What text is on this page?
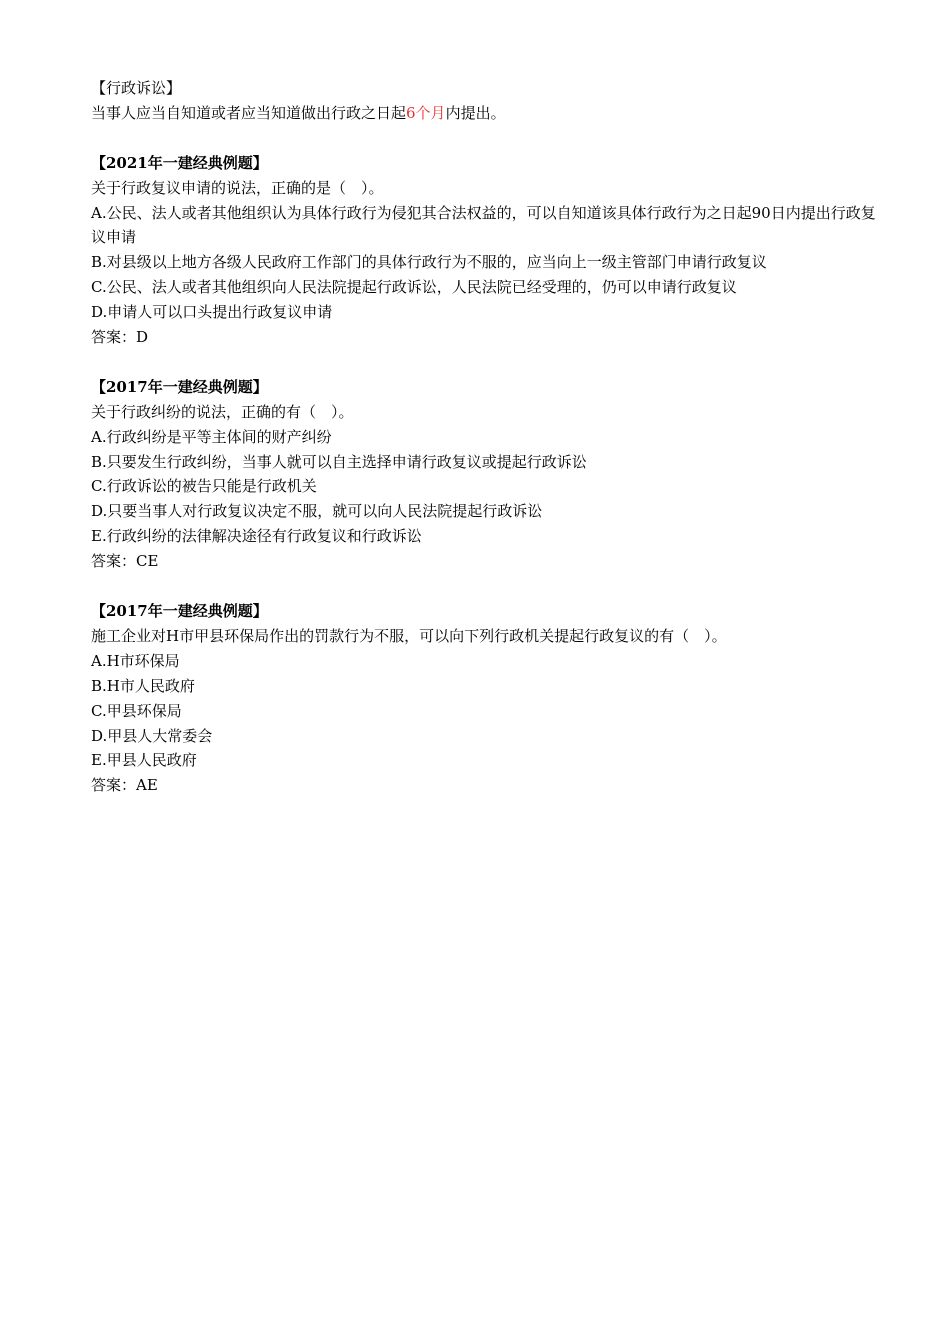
【行政诉讼】
当事人应当自知道或者应当知道做出行政之日起6个月内提出。
【2021年一建经典例题】
关于行政复议申请的说法，正确的是（　）。
A.公民、法人或者其他组织认为具体行政行为侵犯其合法权益的，可以自知道该具体行政行为之日起90日内提出行政复议申请
B.对县级以上地方各级人民政府工作部门的具体行政行为不服的，应当向上一级主管部门申请行政复议
C.公民、法人或者其他组织向人民法院提起行政诉讼，人民法院已经受理的，仍可以申请行政复议
D.申请人可以口头提出行政复议申请
答案：D
【2017年一建经典例题】
关于行政纠纷的说法，正确的有（　）。
A.行政纠纷是平等主体间的财产纠纷
B.只要发生行政纠纷，当事人就可以自主选择申请行政复议或提起行政诉讼
C.行政诉讼的被告只能是行政机关
D.只要当事人对行政复议决定不服，就可以向人民法院提起行政诉讼
E.行政纠纷的法律解决途径有行政复议和行政诉讼
答案：CE
【2017年一建经典例题】
施工企业对H市甲县环保局作出的罚款行为不服，可以向下列行政机关提起行政复议的有（　）。
A.H市环保局
B.H市人民政府
C.甲县环保局
D.甲县人大常委会
E.甲县人民政府
答案：AE
